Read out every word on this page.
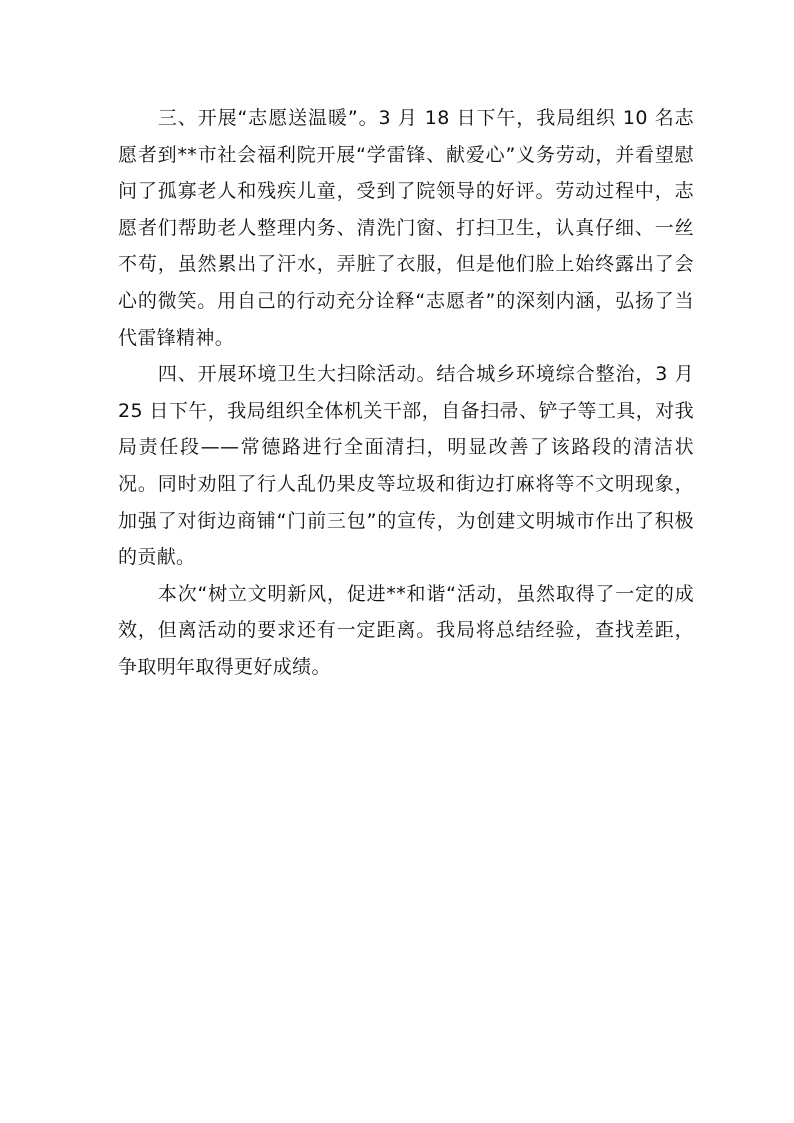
三、开展“志愿送温暖”。3 月 18 日下午，我局组织 10 名志愿者到**市社会福利院开展“学雷锋、献爱心”义务劳动，并看望慰问了孤寡老人和残疾儿童，受到了院领导的好评。劳动过程中，志愿者们帮助老人整理内务、清洗门窗、打扫卫生，认真仔细、一丝不苟，虽然累出了汗水，弄脏了衣服，但是他们脸上始终露出了会心的微笑。用自己的行动充分诠释“志愿者”的深刻内涵，弘扬了当代雷锋精神。

四、开展环境卫生大扫除活动。结合城乡环境综合整治，3 月 25 日下午，我局组织全体机关干部，自备扫帚、铲子等工具，对我局责任段——常德路进行全面清扫，明显改善了该路段的清洁状况。同时劝阻了行人乱仍果皮等垃圾和街边打麻将等不文明现象，加强了对街边商铺“门前三包”的宣传，为创建文明城市作出了积极的贡献。

本次“树立文明新风，促进**和谐“活动，虽然取得了一定的成效，但离活动的要求还有一定距离。我局将总结经验，查找差距，争取明年取得更好成绩。
